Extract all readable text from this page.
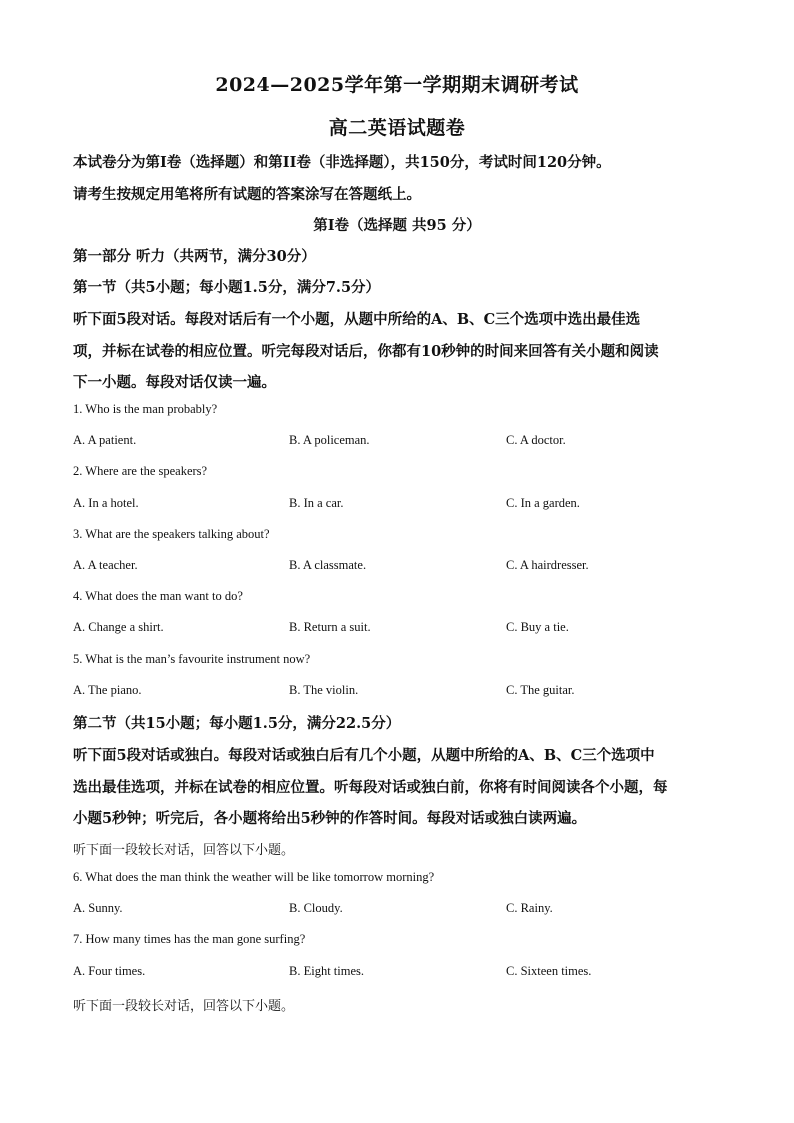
2024—2025学年第一学期期末调研考试
高二英语试题卷
本试卷分为第I卷（选择题）和第II卷（非选择题），共150分，考试时间120分钟。
请考生按规定用笔将所有试题的答案涂写在答题纸上。
第I卷（选择题 共95 分）
第一部分 听力（共两节，满分30分）
第一节（共5小题；每小题1.5分，满分7.5分）
听下面5段对话。每段对话后有一个小题，从题中所给的A、B、C三个选项中选出最佳选
项，并标在试卷的相应位置。听完每段对话后，你都有10秒钟的时间来回答有关小题和阅读
下一小题。每段对话仅读一遍。
1. Who is the man probably?
A. A patient.	B. A policeman.	C. A doctor.
2. Where are the speakers?
A. In a hotel.	B. In a car.	C. In a garden.
3. What are the speakers talking about?
A. A teacher.	B. A classmate.	C. A hairdresser.
4. What does the man want to do?
A. Change a shirt.	B. Return a suit.	C. Buy a tie.
5. What is the man’s favourite instrument now?
A. The piano.	B. The violin.	C. The guitar.
第二节（共15小题；每小题1.5分，满分22.5分）
听下面5段对话或独白。每段对话或独白后有几个小题，从题中所给的A、B、C三个选项中
选出最佳选项，并标在试卷的相应位置。听每段对话或独白前，你将有时间阅读各个小题，每
小题5秒钟；听完后，各小题将给出5秒钟的作答时间。每段对话或独白读两遍。
听下面一段较长对话，回答以下小题。
6. What does the man think the weather will be like tomorrow morning?
A. Sunny.	B. Cloudy.	C. Rainy.
7. How many times has the man gone surfing?
A. Four times.	B. Eight times.	C. Sixteen times.
听下面一段较长对话，回答以下小题。
